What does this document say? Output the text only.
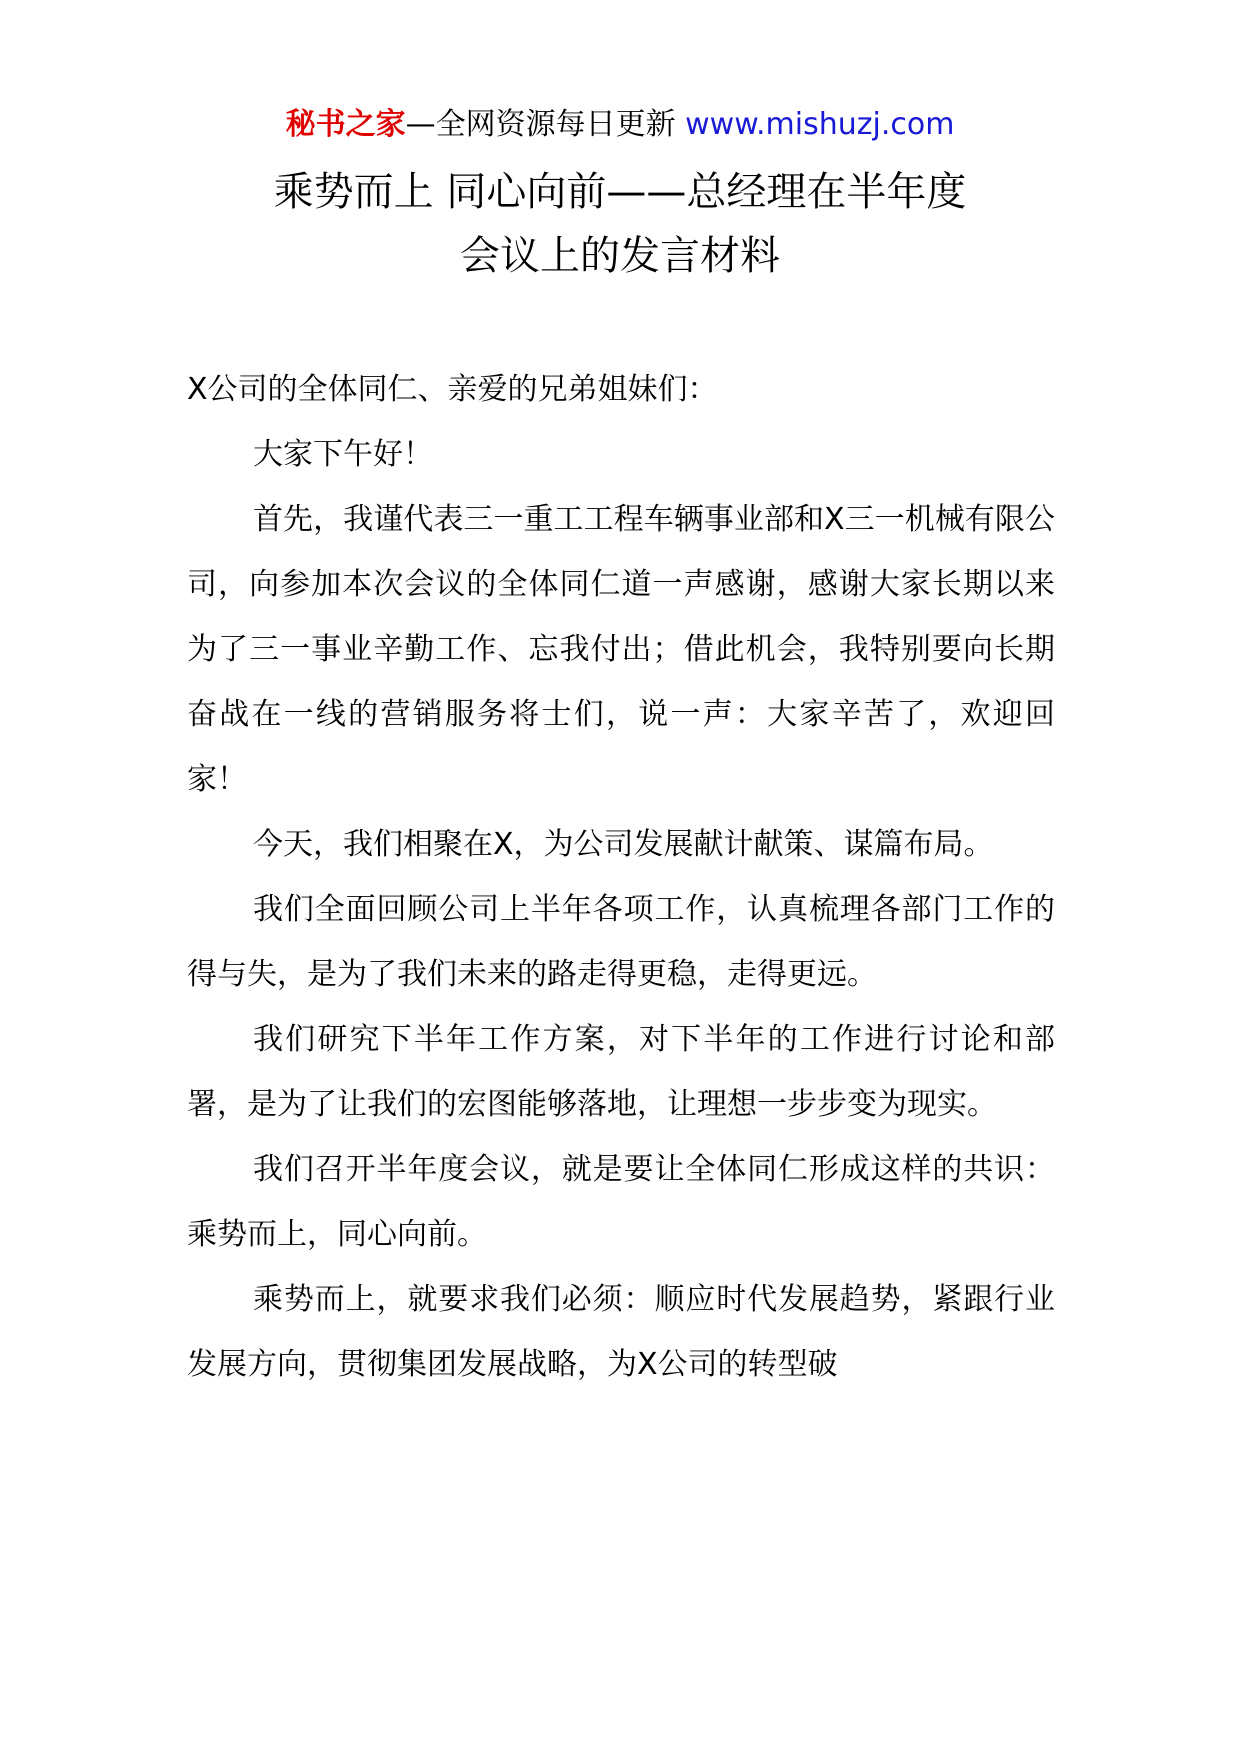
秘书之家—全网资源每日更新 www.mishuzj.com
乘势而上 同心向前——总经理在半年度
会议上的发言材料

X公司的全体同仁、亲爱的兄弟姐妹们：

大家下午好！

首先，我谨代表三一重工工程车辆事业部和X三一机械有限公司，向参加本次会议的全体同仁道一声感谢，感谢大家长期以来为了三一事业辛勤工作、忘我付出；借此机会，我特别要向长期奋战在一线的营销服务将士们，说一声：大家辛苦了，欢迎回家！

今天，我们相聚在X，为公司发展献计献策、谋篇布局。

我们全面回顾公司上半年各项工作，认真梳理各部门工作的得与失，是为了我们未来的路走得更稳，走得更远。

我们研究下半年工作方案，对下半年的工作进行讨论和部署，是为了让我们的宏图能够落地，让理想一步步变为现实。

我们召开半年度会议，就是要让全体同仁形成这样的共识：乘势而上，同心向前。

乘势而上，就要求我们必须：顺应时代发展趋势，紧跟行业发展方向，贯彻集团发展战略，为X公司的转型破
